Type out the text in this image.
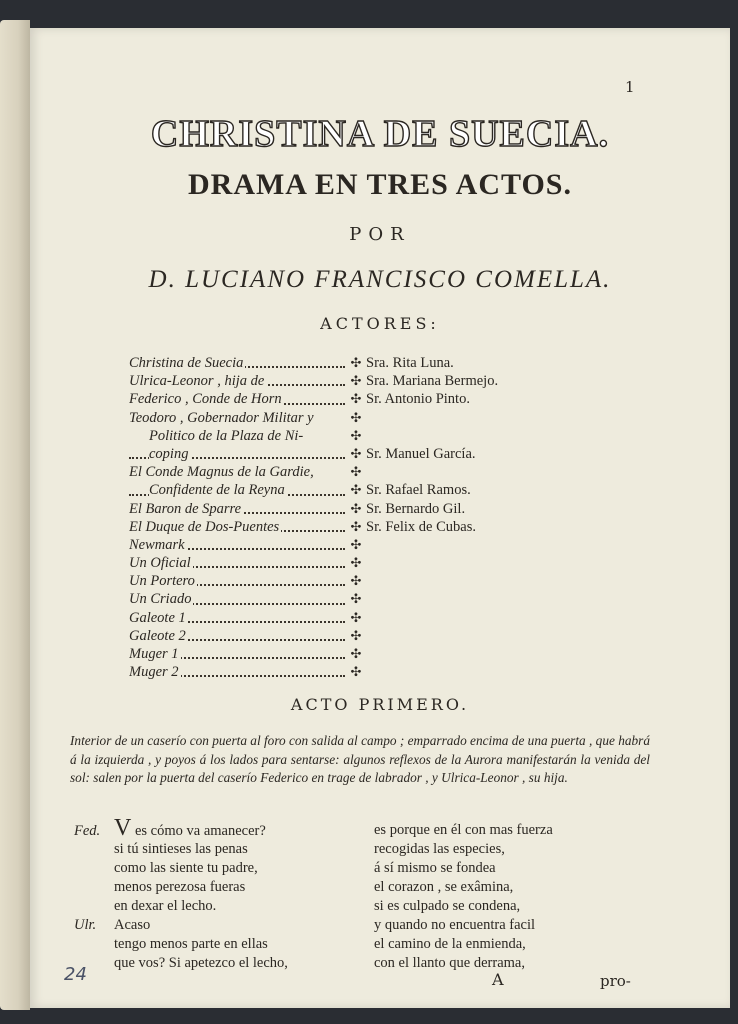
1
CHRISTINA DE SUECIA.
DRAMA EN TRES ACTOS.
POR
D. LUCIANO FRANCISCO COMELLA.
ACTORES:
Christina de Suecia	✣ Sra. Rita Luna.
Ulrica-Leonor , hija de	✣ Sra. Mariana Bermejo.
Federico , Conde de Horn	✣ Sr. Antonio Pinto.
Teodoro , Gobernador Militar y	✣
Politico de la Plaza de Ni-	✣
coping	✣ Sr. Manuel García.
El Conde Magnus de la Gardie,	✣
Confidente de la Reyna	✣ Sr. Rafael Ramos.
El Baron de Sparre	✣ Sr. Bernardo Gil.
El Duque de Dos-Puentes	✣ Sr. Felix de Cubas.
Newmark	✣
Un Oficial	✣
Un Portero	✣
Un Criado	✣
Galeote 1	✣
Galeote 2	✣
Muger 1	✣
Muger 2	✣
ACTO PRIMERO.

Interior de un caserío con puerta al foro con salida al campo ; emparrado encima de una puerta , que habrá á la izquierda , y poyos á los lados para sentarse: algunos reflexos de la Aurora manifestarán la venida del sol: salen por la puerta del caserío Federico en trage de labrador , y Ulrica-Leonor , su hija.

Fed. V es cómo va amanecer?
si tú sintieses las penas
como las siente tu padre,
menos perezosa fueras
en dexar el lecho.
Ulr. Acaso
tengo menos parte en ellas
que vos? Si apetezco el lecho,
es porque en él con mas fuerza
recogidas las especies,
á sí mismo se fondea
el corazon , se exâmina,
si es culpado se condena,
y quando no encuentra facil
el camino de la enmienda,
con el llanto que derrama,
24	A	pro-
